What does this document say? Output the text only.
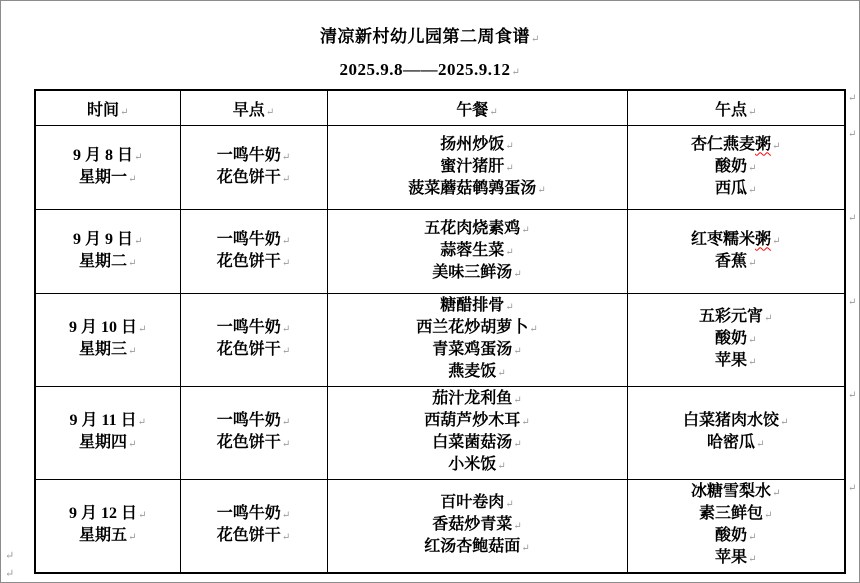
清凉新村幼儿园第二周食谱↵
2025.9.8——2025.9.12↵
时间↵	早点↵	午餐↵	午点↵

9 月 8 日↵
星期一↵	一鸣牛奶↵
花色饼干↵	扬州炒饭↵
蜜汁猪肝↵
菠菜蘑菇鹌鹑蛋汤↵	杏仁燕麦粥↵
酸奶↵
西瓜↵

9 月 9 日↵
星期二↵	一鸣牛奶↵
花色饼干↵	五花肉烧素鸡↵
蒜蓉生菜↵
美味三鲜汤↵	红枣糯米粥↵
香蕉↵

9 月 10 日↵
星期三↵	一鸣牛奶↵
花色饼干↵	糖醋排骨↵
西兰花炒胡萝卜↵
青菜鸡蛋汤↵
燕麦饭↵	五彩元宵↵
酸奶↵
苹果↵

9 月 11 日↵
星期四↵	一鸣牛奶↵
花色饼干↵	茄汁龙利鱼↵
西葫芦炒木耳↵
白菜菌菇汤↵
小米饭↵	白菜猪肉水饺↵
哈密瓜↵

9 月 12 日↵
星期五↵	一鸣牛奶↵
花色饼干↵	百叶卷肉↵
香菇炒青菜↵
红汤杏鲍菇面↵	冰糖雪梨水↵
素三鲜包↵
酸奶↵
苹果↵
↵
↵
↵
↵
↵
↵
↵
↵
